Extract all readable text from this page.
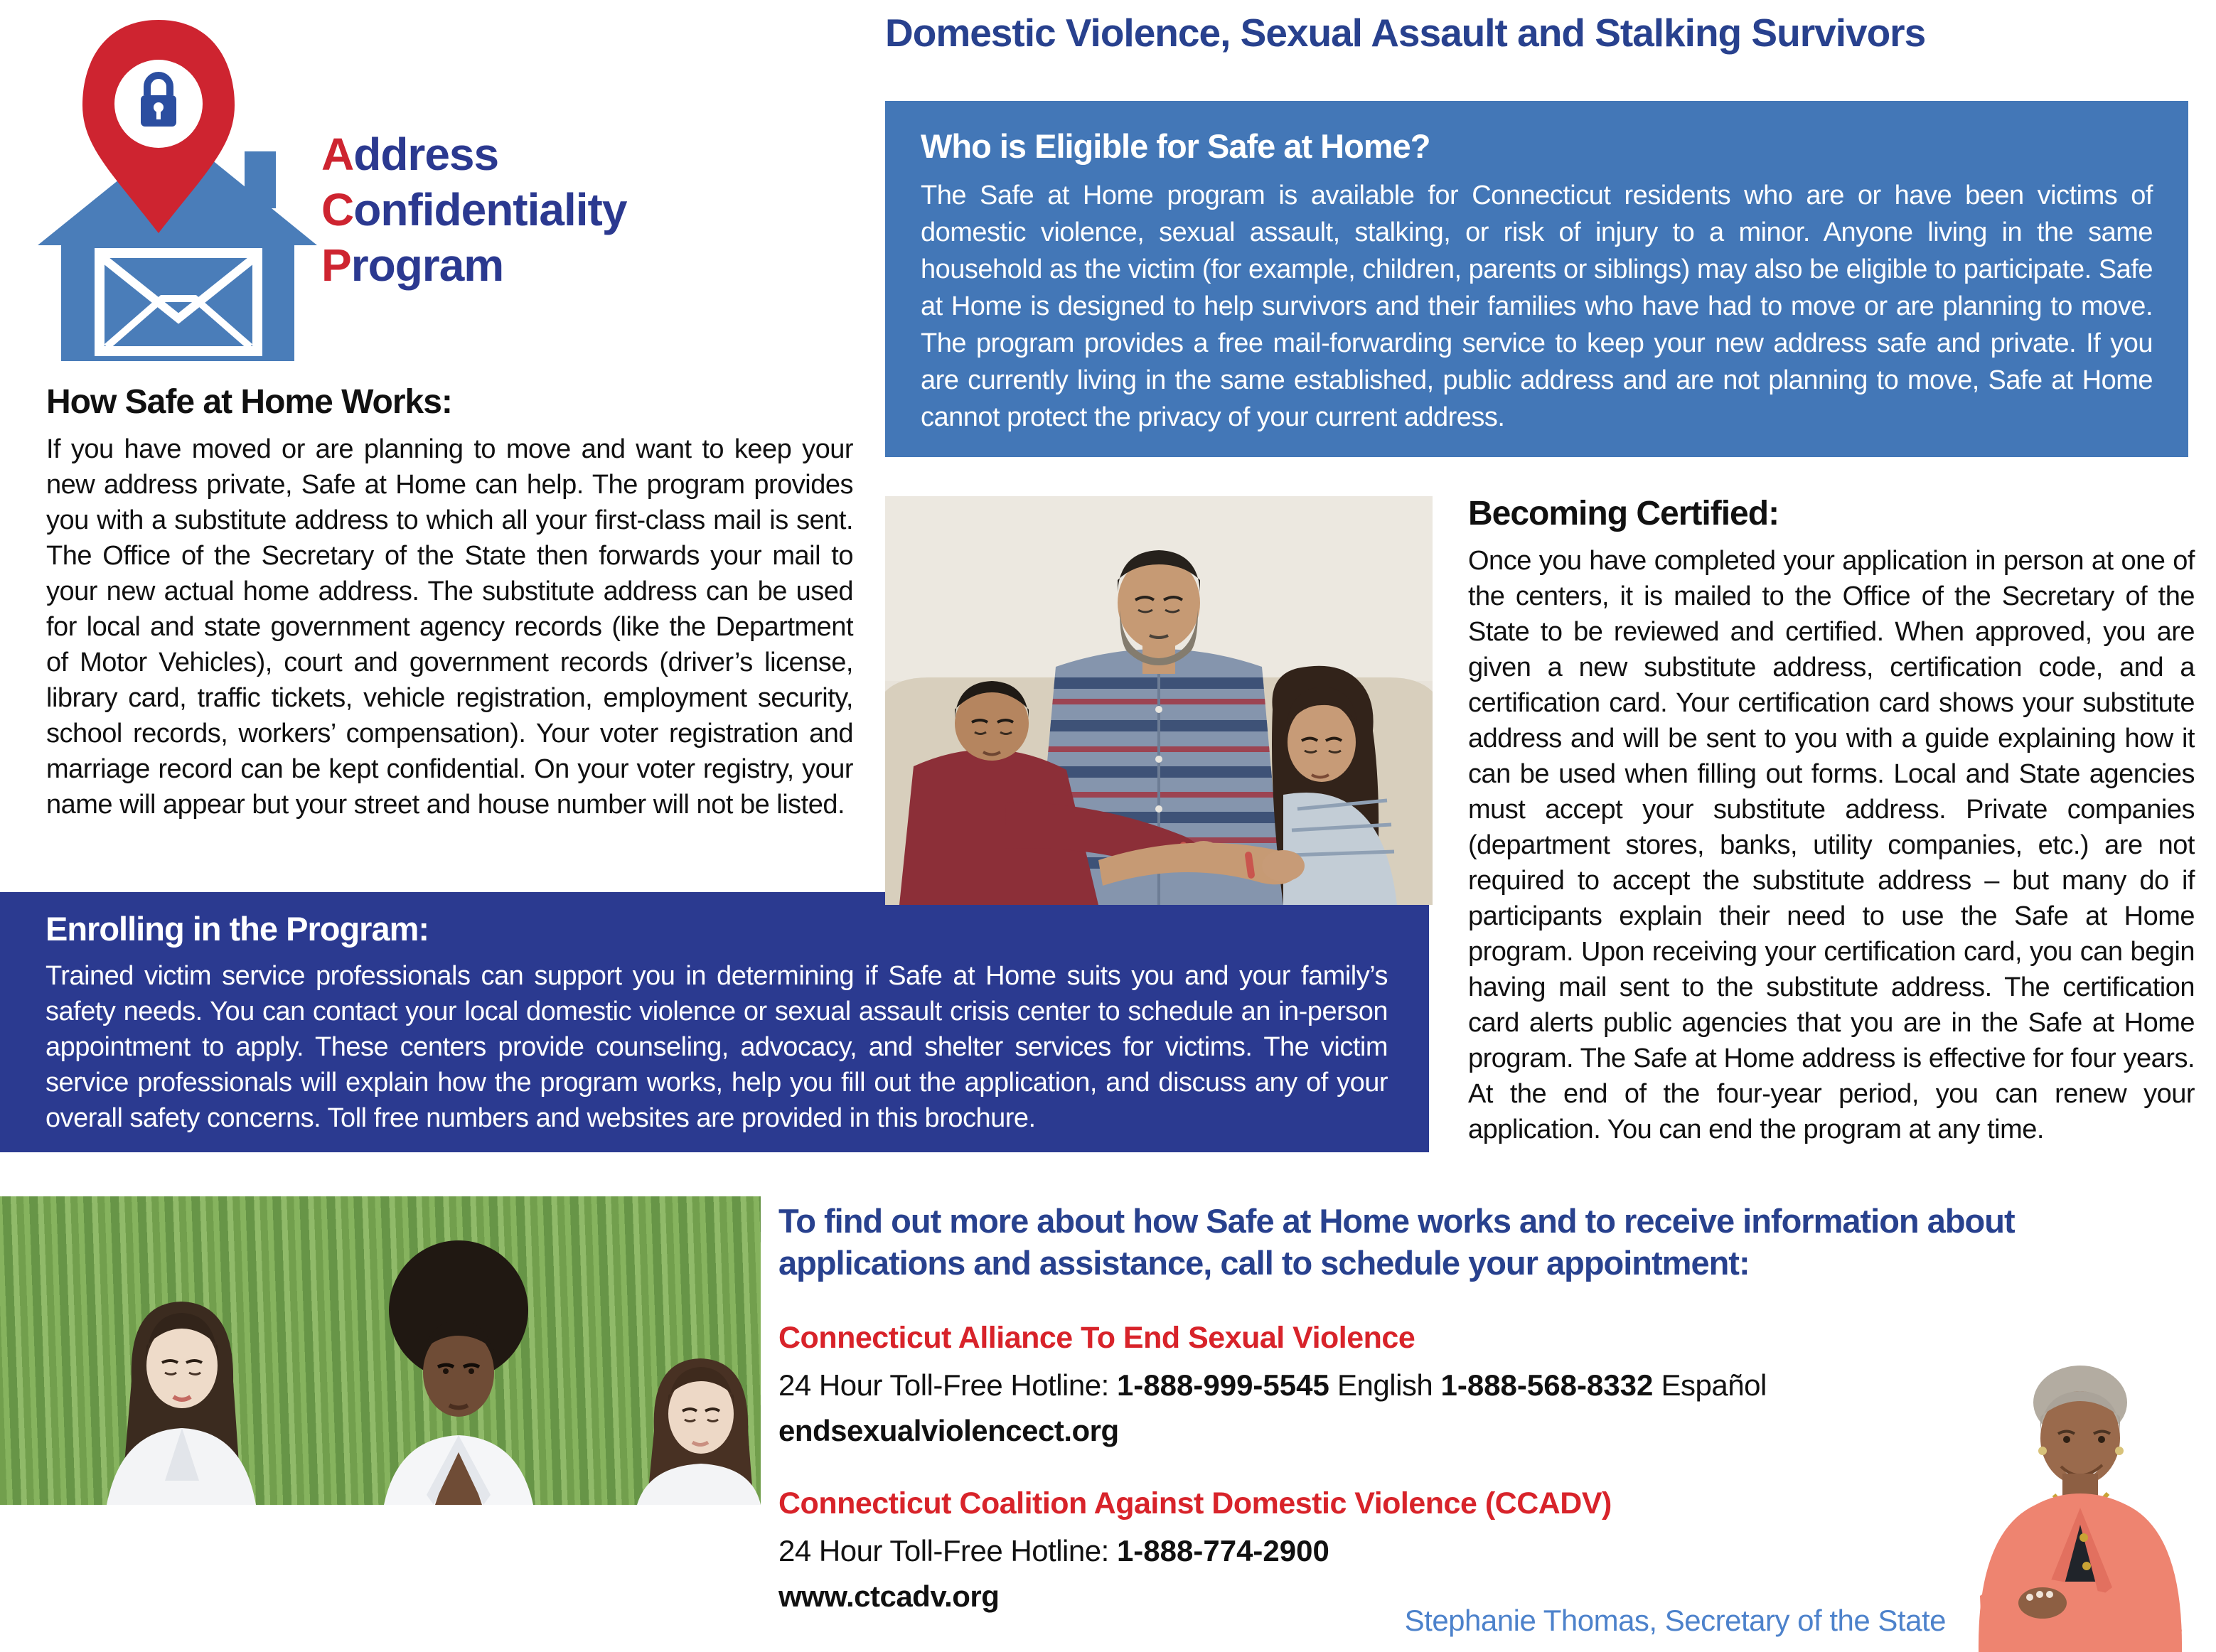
Address
Confidentiality
Program
Domestic Violence, Sexual Assault and Stalking Survivors
Who is Eligible for Safe at Home?

The Safe at Home program is available for Connecticut residents who are or have been victims of domestic violence, sexual assault, stalking, or risk of injury to a minor. Anyone living in the same household as the victim (for example, children, parents or siblings) may also be eligible to participate. Safe at Home is designed to help survivors and their families who have had to move or are planning to move. The program provides a free mail-forwarding service to keep your new address safe and private. If you are currently living in the same established, public address and are not planning to move, Safe at Home cannot protect the privacy of your current address.

How Safe at Home Works:

If you have moved or are planning to move and want to keep your new address private, Safe at Home can help. The program provides you with a substitute address to which all your first-class mail is sent. The Office of the Secretary of the State then forwards your mail to your new actual home address. The substitute address can be used for local and state government agency records (like the Department of Motor Vehicles), court and government records (driver’s license, library card, traffic tickets, vehicle registration, employment security, school records, workers’ compensation). Your voter registration and marriage record can be kept confidential. On your voter registry, your name will appear but your street and house number will not be listed.

Becoming Certified:

Once you have completed your application in person at one of the centers, it is mailed to the Office of the Secretary of the State to be reviewed and certified. When approved, you are given a new substitute address, certification code, and a certification card. Your certification card shows your substitute address and will be sent to you with a guide explaining how it can be used when filling out forms. Local and State agencies must accept your substitute address. Private companies (department stores, banks, utility companies, etc.) are not required to accept the substitute address – but many do if participants explain their need to use the Safe at Home program. Upon receiving your certification card, you can begin having mail sent to the substitute address. The certification card alerts public agencies that you are in the Safe at Home program. The Safe at Home address is effective for four years. At the end of the four-year period, you can renew your application. You can end the program at any time.

Enrolling in the Program:

Trained victim service professionals can support you in determining if Safe at Home suits you and your family’s safety needs. You can contact your local domestic violence or sexual assault crisis center to schedule an in-person appointment to apply. These centers provide counseling, advocacy, and shelter services for victims. The victim service professionals will explain how the program works, help you fill out the application, and discuss any of your overall safety concerns. Toll free numbers and websites are provided in this brochure.

To find out more about how Safe at Home works and to receive information about applications and assistance, call to schedule your appointment:

Connecticut Alliance To End Sexual Violence

24 Hour Toll-Free Hotline: 1-888-999-5545 English 1-888-568-8332 Español

endsexualviolencect.org

Connecticut Coalition Against Domestic Violence (CCADV)

24 Hour Toll-Free Hotline: 1-888-774-2900

www.ctcadv.org

Stephanie Thomas, Secretary of the State
